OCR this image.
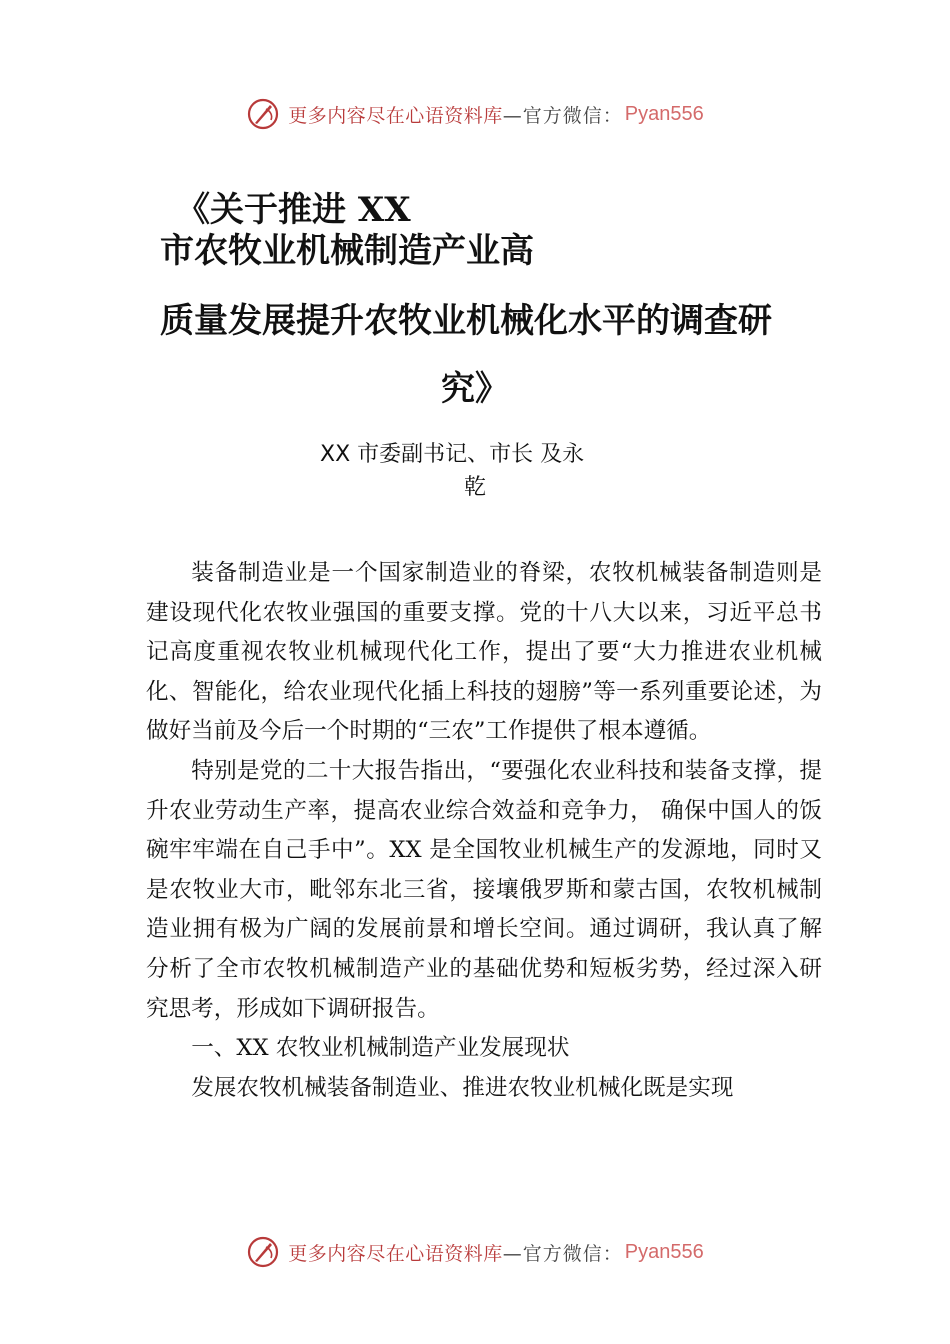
更多内容尽在心语资料库 —官方微信： Pyan556
《关于推进 XX
市农牧业机械制造产业高
质量发展提升农牧业机械化水平的调查研
究》
XX 市委副书记、市长 及永
乾

装备制造业是一个国家制造业的脊梁，农牧机械装备制造则是建设现代化农牧业强国的重要支撑。党的十八大以来，习近平总书记高度重视农牧业机械现代化工作，提出了要“大力推进农业机械化、智能化，给农业现代化插上科技的翅膀”等一系列重要论述，为做好当前及今后一个时期的“三农”工作提供了根本遵循。

特别是党的二十大报告指出，“要强化农业科技和装备支撑，提升农业劳动生产率，提高农业综合效益和竞争力， 确保中国人的饭碗牢牢端在自己手中”。XX 是全国牧业机械生产的发源地，同时又是农牧业大市，毗邻东北三省，接壤俄罗斯和蒙古国，农牧机械制造业拥有极为广阔的发展前景和增长空间。通过调研，我认真了解分析了全市农牧机械制造产业的基础优势和短板劣势，经过深入研究思考，形成如下调研报告。

一、XX 农牧业机械制造产业发展现状

发展农牧机械装备制造业、推进农牧业机械化既是实现

更多内容尽在心语资料库 —官方微信： Pyan556
